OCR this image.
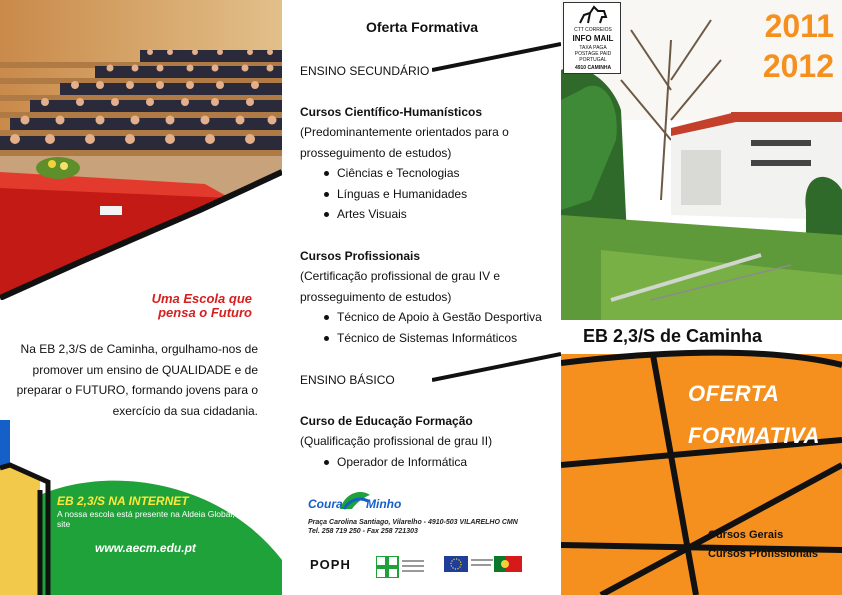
Uma Escola que
pensa o Futuro

Na EB 2,3/S de Caminha, orgulhamo-nos de promover um ensino de QUALIDADE e de preparar o FUTURO, formando jovens para o exercício da sua cidadania.

EB 2,3/S NA INTERNET
A nossa escola está presente na Aldeia Global, no site
www.aecm.edu.pt
Oferta Formativa
ENSINO SECUNDÁRIO
Cursos Científico-Humanísticos
(Predominantemente orientados para o
prosseguimento de estudos)
Ciências e Tecnologias
Línguas e Humanidades
Artes Visuais
Cursos Profissionais
(Certificação profissional de grau IV e
prosseguimento de estudos)
Técnico de Apoio à Gestão Desportiva
Técnico de Sistemas Informáticos
ENSINO BÁSICO
Curso de Educação Formação
(Qualificação profissional de grau II)
Operador de Informática
Coura Minho
Praça Carolina Santiago, Vilarelho - 4910-503 VILARELHO CMN
Tel. 258 719 250 - Fax 258 721303
POPH
CTT CORREIOS
INFO MAIL
TAXA PAGA
POSTAGE PAID
PORTUGAL
4910 CAMINHA
2011
2012
EB 2,3/S de Caminha
OFERTA
FORMATIVA
Cursos Gerais
Cursos Profissionais
